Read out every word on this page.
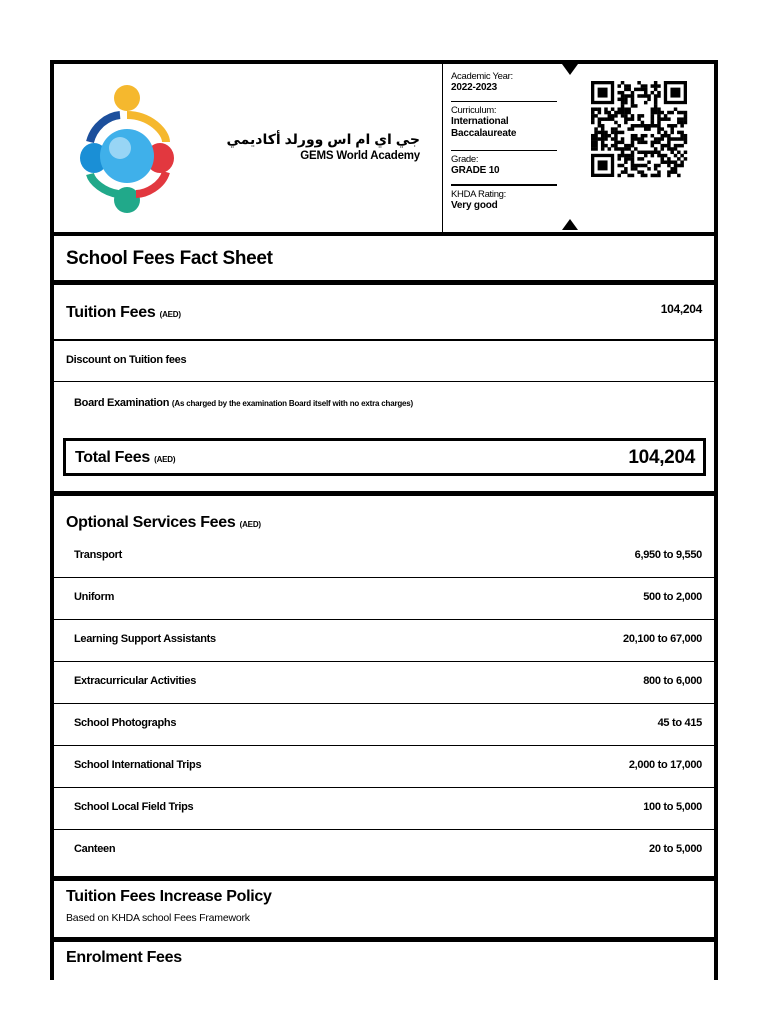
جي اي ام اس وورلد أكاديمي
GEMS World Academy
Academic Year:
2022-2023
Curriculum:
International
Baccalaureate
Grade:
GRADE 10
KHDA Rating:
Very good
School Fees Fact Sheet
Tuition Fees (AED)	104,204
Discount on Tuition fees
Board Examination (As charged by the examination Board itself with no extra charges)
Total Fees (AED)	104,204
Optional Services Fees (AED)
Transport	6,950 to 9,550
Uniform	500 to 2,000
Learning Support Assistants	20,100 to 67,000
Extracurricular Activities	800 to 6,000
School Photographs	45 to 415
School International Trips	2,000 to 17,000
School Local Field Trips	100 to 5,000
Canteen	20 to 5,000
Tuition Fees Increase Policy
Based on KHDA school Fees Framework
Enrolment Fees
